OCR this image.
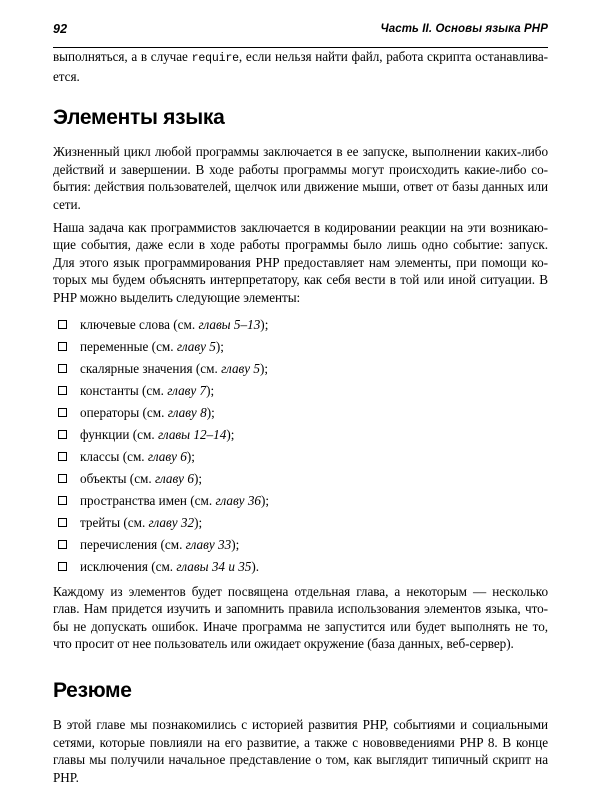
92	Часть II. Основы языка PHP

выполняться, а в случае require, если нельзя найти файл, работа скрипта останавлива-ется.

Элементы языка

Жизненный цикл любой программы заключается в ее запуске, выполнении каких-либо действий и завершении. В ходе работы программы могут происходить какие-либо со-бытия: действия пользователей, щелчок или движение мыши, ответ от базы данных или сети.

Наша задача как программистов заключается в кодировании реакции на эти возникаю-щие события, даже если в ходе работы программы было лишь одно событие: запуск. Для этого язык программирования PHP предоставляет нам элементы, при помощи ко-торых мы будем объяснять интерпретатору, как себя вести в той или иной ситуации. В PHP можно выделить следующие элементы:

ключевые слова (см. главы 5–13);
переменные (см. главу 5);
скалярные значения (см. главу 5);
константы (см. главу 7);
операторы (см. главу 8);
функции (см. главы 12–14);
классы (см. главу 6);
объекты (см. главу 6);
пространства имен (см. главу 36);
трейты (см. главу 32);
перечисления (см. главу 33);
исключения (см. главы 34 и 35).

Каждому из элементов будет посвящена отдельная глава, а некоторым — несколько глав. Нам придется изучить и запомнить правила использования элементов языка, что-бы не допускать ошибок. Иначе программа не запустится или будет выполнять не то, что просит от нее пользователь или ожидает окружение (база данных, веб-сервер).

Резюме

В этой главе мы познакомились с историей развития PHP, событиями и социальными сетями, которые повлияли на его развитие, а также с нововведениями PHP 8. В конце главы мы получили начальное представление о том, как выглядит типичный скрипт на PHP.
